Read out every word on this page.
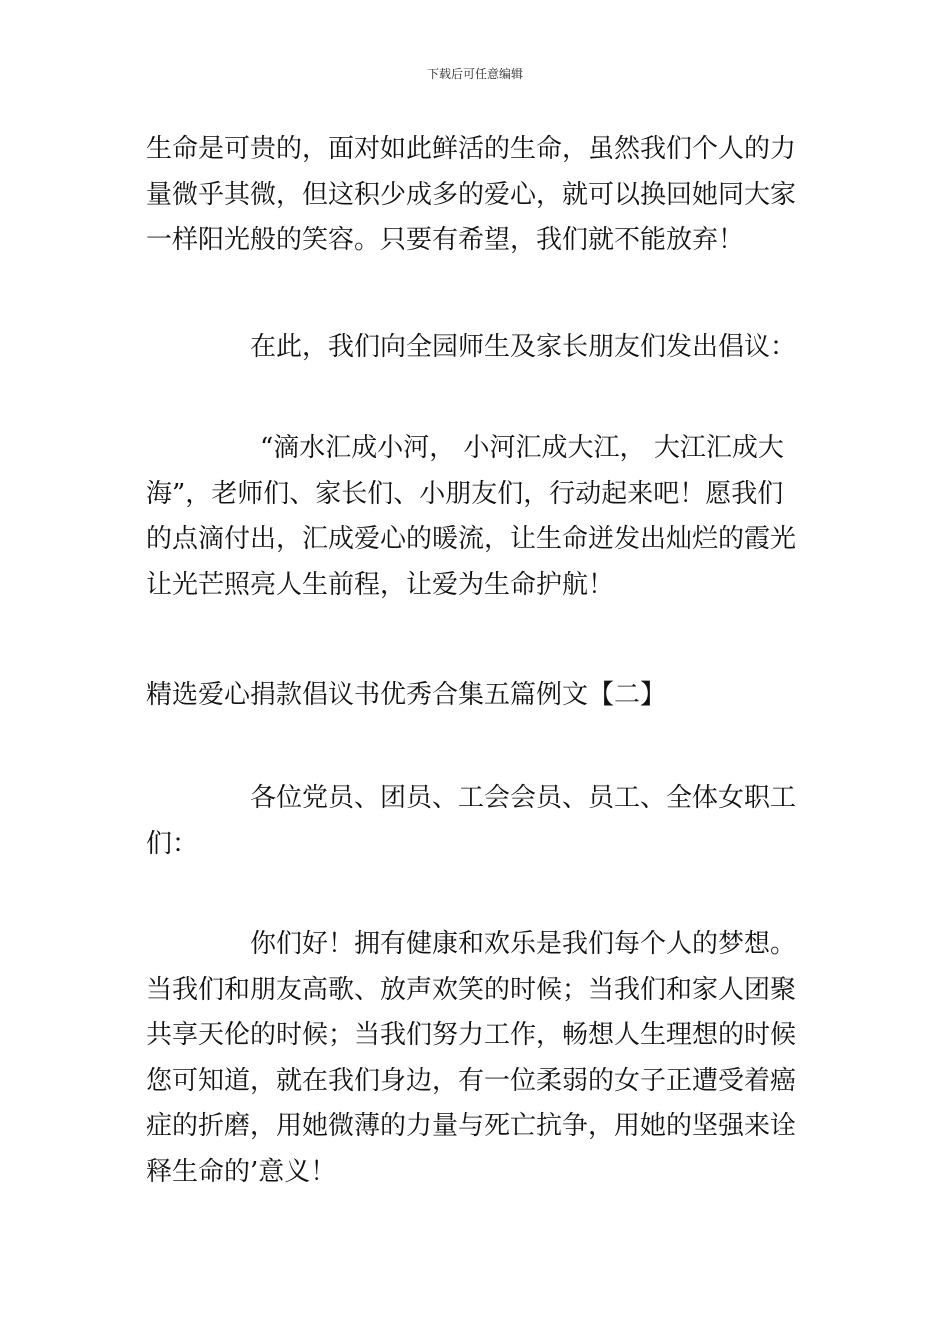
下载后可任意编辑

生命是可贵的，面对如此鲜活的生命，虽然我们个人的力量微乎其微，但这积少成多的爱心，就可以换回她同大家一样阳光般的笑容。只要有希望，我们就不能放弃！

在此，我们向全园师生及家长朋友们发出倡议：

“滴水汇成小河， 小河汇成大江， 大江汇成大海”，老师们、家长们、小朋友们，行动起来吧！愿我们的点滴付出，汇成爱心的暖流，让生命迸发出灿烂的霞光让光芒照亮人生前程，让爱为生命护航！

精选爱心捐款倡议书优秀合集五篇例文【二】

各位党员、团员、工会会员、员工、全体女职工们：

你们好！拥有健康和欢乐是我们每个人的梦想。当我们和朋友高歌、放声欢笑的时候；当我们和家人团聚共享天伦的时候；当我们努力工作，畅想人生理想的时候您可知道，就在我们身边，有一位柔弱的女子正遭受着癌症的折磨，用她微薄的力量与死亡抗争，用她的坚强来诠释生命的’意义！
